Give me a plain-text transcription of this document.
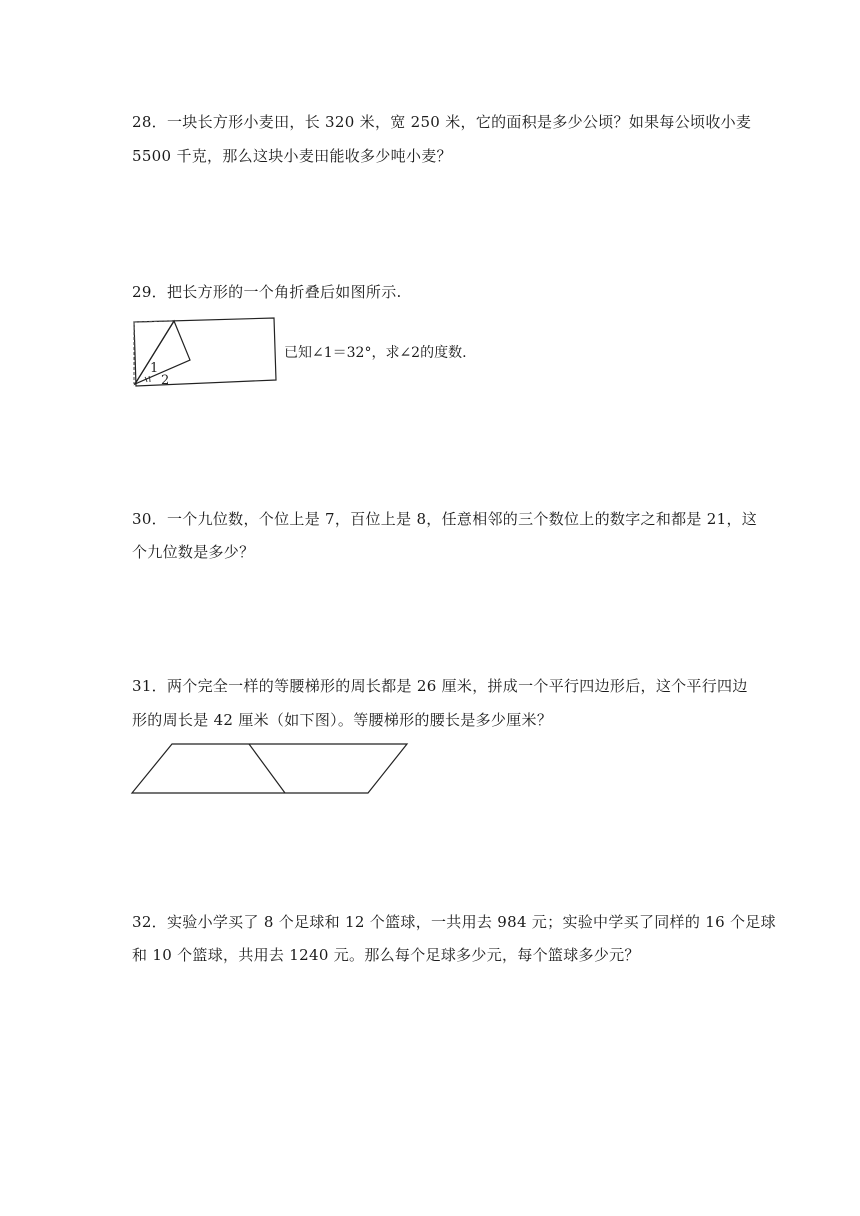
28．一块长方形小麦田，长 320 米，宽 250 米，它的面积是多少公顷？如果每公顷收小麦
5500 千克，那么这块小麦田能收多少吨小麦？
29．把长方形的一个角折叠后如图所示.
1
2
已知∠1＝32°，求∠2的度数.
30．一个九位数，个位上是 7，百位上是 8，任意相邻的三个数位上的数字之和都是 21，这
个九位数是多少？
31．两个完全一样的等腰梯形的周长都是 26 厘米，拼成一个平行四边形后，这个平行四边
形的周长是 42 厘米（如下图）。等腰梯形的腰长是多少厘米？
32．实验小学买了 8 个足球和 12 个篮球，一共用去 984 元；实验中学买了同样的 16 个足球
和 10 个篮球，共用去 1240 元。那么每个足球多少元，每个篮球多少元？
